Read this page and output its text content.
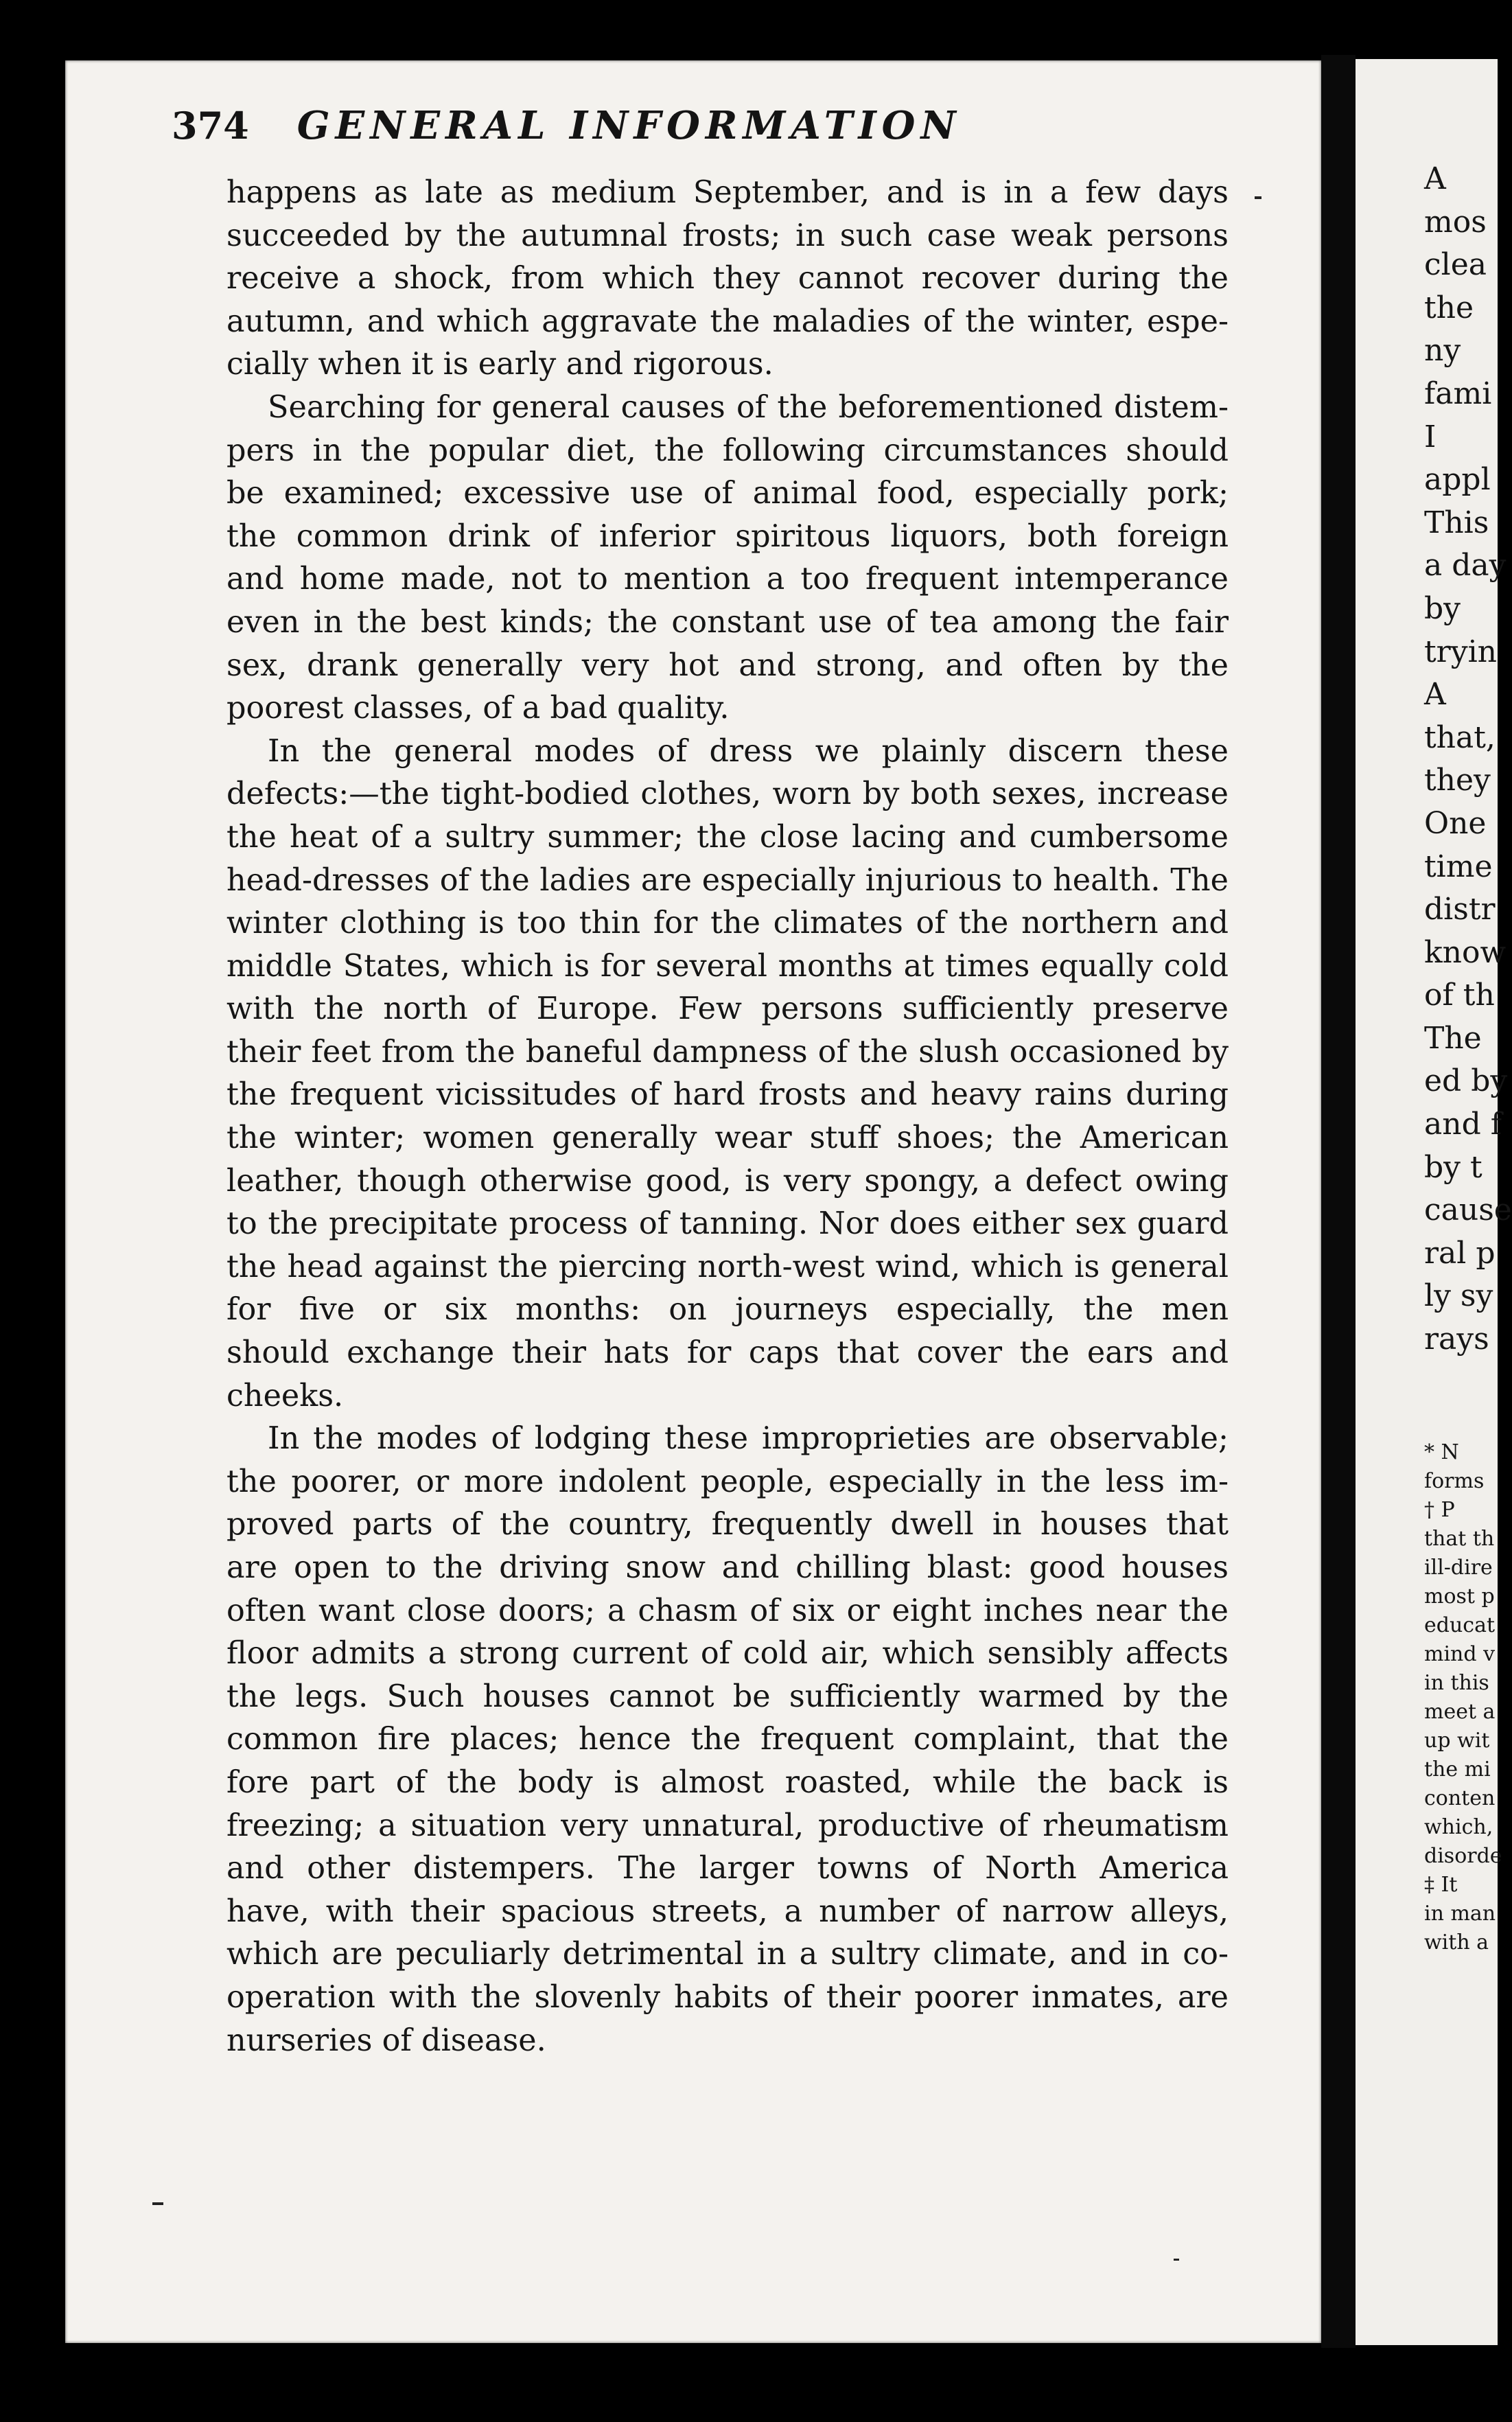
374 GENERAL INFORMATION

happens as late as medium September, and is in a few days
succeeded by the autumnal frosts; in such case weak persons
receive a shock, from which they cannot recover during the
autumn, and which aggravate the maladies of the winter, espe-
cially when it is early and rigorous.

Searching for general causes of the beforementioned distem-
pers in the popular diet, the following circumstances should
be examined; excessive use of animal food, especially pork;
the common drink of inferior spiritous liquors, both foreign
and home made, not to mention a too frequent intemperance
even in the best kinds; the constant use of tea among the fair
sex, drank generally very hot and strong, and often by the
poorest classes, of a bad quality.

In the general modes of dress we plainly discern these
defects:—the tight-bodied clothes, worn by both sexes, increase
the heat of a sultry summer; the close lacing and cumbersome
head-dresses of the ladies are especially injurious to health. The
winter clothing is too thin for the climates of the northern and
middle States, which is for several months at times equally cold
with the north of Europe. Few persons sufficiently preserve
their feet from the baneful dampness of the slush occasioned by
the frequent vicissitudes of hard frosts and heavy rains during
the winter; women generally wear stuff shoes; the American
leather, though otherwise good, is very spongy, a defect owing
to the precipitate process of tanning. Nor does either sex guard
the head against the piercing north-west wind, which is general
for five or six months: on journeys especially, the men
should exchange their hats for caps that cover the ears and
cheeks.

In the modes of lodging these improprieties are observable;
the poorer, or more indolent people, especially in the less im-
proved parts of the country, frequently dwell in houses that
are open to the driving snow and chilling blast: good houses
often want close doors; a chasm of six or eight inches near the
floor admits a strong current of cold air, which sensibly affects
the legs. Such houses cannot be sufficiently warmed by the
common fire places; hence the frequent complaint, that the
fore part of the body is almost roasted, while the back is
freezing; a situation very unnatural, productive of rheumatism
and other distempers. The larger towns of North America
have, with their spacious streets, a number of narrow alleys,
which are peculiarly detrimental in a sultry climate, and in co-
operation with the slovenly habits of their poorer inmates, are
nurseries of disease.

A
mos
clea
the
ny
fami
I
appl
This
a day
by
tryin
A
that,
they
One
time
distr
know
of th
The
ed by
and f
by t
cause
ral p
ly sy
rays
* N
forms
† P
that th
ill-dire
most p
educat
mind v
in this
meet a
up wit
the mi
conten
which,
disorde
‡ It
in man
with a
